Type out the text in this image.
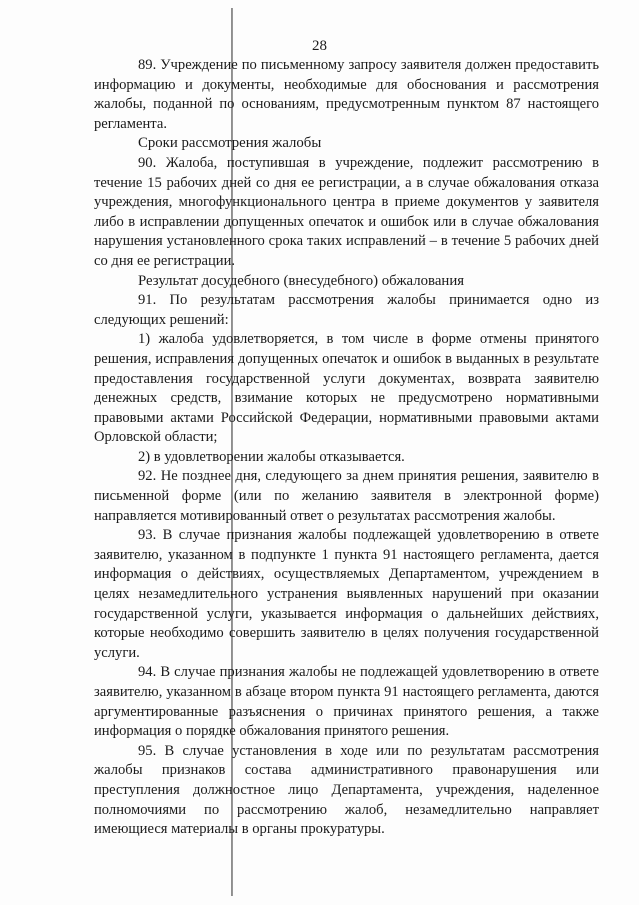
28

89. Учреждение по письменному запросу заявителя должен предоставить информацию и документы, необходимые для обоснования и рассмотрения жалобы, поданной по основаниям, предусмотренным пунктом 87 настоящего регламента.

Сроки рассмотрения жалобы

90. Жалоба, поступившая в учреждение, подлежит рассмотрению в течение 15 рабочих дней со дня ее регистрации, а в случае обжалования отказа учреждения, многофункционального центра в приеме документов у заявителя либо в исправлении допущенных опечаток и ошибок или в случае обжалования нарушения установленного срока таких исправлений – в течение 5 рабочих дней со дня ее регистрации.

Результат досудебного (внесудебного) обжалования

91. По результатам рассмотрения жалобы принимается одно из следующих решений:

1) жалоба удовлетворяется, в том числе в форме отмены принятого решения, исправления допущенных опечаток и ошибок в выданных в результате предоставления государственной услуги документах, возврата заявителю денежных средств, взимание которых не предусмотрено нормативными правовыми актами Российской Федерации, нормативными правовыми актами Орловской области;

2) в удовлетворении жалобы отказывается.

92. Не позднее дня, следующего за днем принятия решения, заявителю в письменной форме (или по желанию заявителя в электронной форме) направляется мотивированный ответ о результатах рассмотрения жалобы.

93. В случае признания жалобы подлежащей удовлетворению в ответе заявителю, указанном в подпункте 1 пункта 91 настоящего регламента, дается информация о действиях, осуществляемых Департаментом, учреждением в целях незамедлительного устранения выявленных нарушений при оказании государственной услуги, указывается информация о дальнейших действиях, которые необходимо совершить заявителю в целях получения государственной услуги.

94. В случае признания жалобы не подлежащей удовлетворению в ответе заявителю, указанном в абзаце втором пункта 91 настоящего регламента, даются аргументированные разъяснения о причинах принятого решения, а также информация о порядке обжалования принятого решения.

95. В случае установления в ходе или по результатам рассмотрения жалобы признаков состава административного правонарушения или преступления должностное лицо Департамента, учреждения, наделенное полномочиями по рассмотрению жалоб, незамедлительно направляет имеющиеся материалы в органы прокуратуры.
